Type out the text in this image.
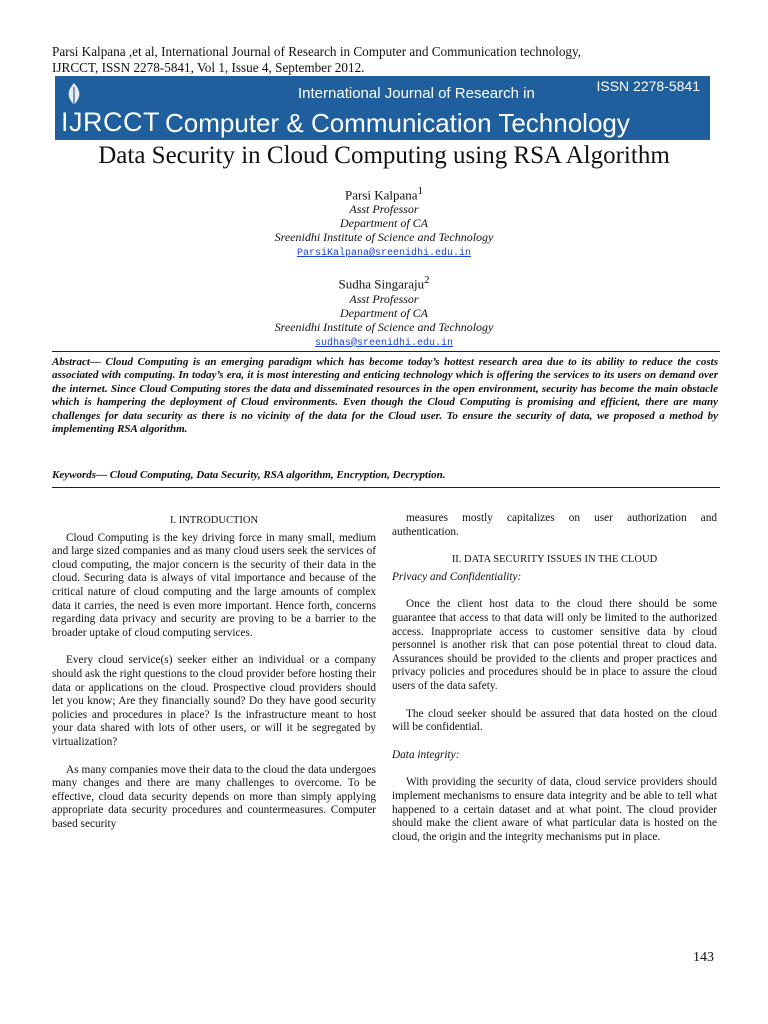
Parsi Kalpana ,et al, International Journal of Research in Computer and Communication technology,
IJRCCT, ISSN 2278-5841, Vol 1, Issue 4, September 2012.
ISSN 2278-5841
International Journal of Research in
IJRCCT Computer & Communication Technology
Data Security in Cloud Computing using RSA Algorithm
Parsi Kalpana$^1$
Asst Professor
Department of CA
Sreenidhi Institute of Science and Technology
ParsiKalpana@sreenidhi.edu.in
Sudha Singaraju$^2$
Asst Professor
Department of CA
Sreenidhi Institute of Science and Technology
sudhas@sreenidhi.edu.in
Abstract— Cloud Computing is an emerging paradigm which has become today’s hottest research area due to its ability to reduce the costs associated with computing. In today’s era, it is most interesting and enticing technology which is offering the services to its users on demand over the internet. Since Cloud Computing stores the data and disseminated resources in the open environment, security has become the main obstacle which is hampering the deployment of Cloud environments. Even though the Cloud Computing is promising and efficient, there are many challenges for data security as there is no vicinity of the data for the Cloud user. To ensure the security of data, we proposed a method by implementing RSA algorithm.
Keywords— Cloud Computing, Data Security, RSA algorithm, Encryption, Decryption.
I. INTRODUCTION

Cloud Computing is the key driving force in many small, medium and large sized companies and as many cloud users seek the services of cloud computing, the major concern is the security of their data in the cloud. Securing data is always of vital importance and because of the critical nature of cloud computing and the large amounts of complex data it carries, the need is even more important. Hence forth, concerns regarding data privacy and security are proving to be a barrier to the broader uptake of cloud computing services.

Every cloud service(s) seeker either an individual or a company should ask the right questions to the cloud provider before hosting their data or applications on the cloud. Prospective cloud providers should let you know; Are they financially sound? Do they have good security policies and procedures in place? Is the infrastructure meant to host your data shared with lots of other users, or will it be segregated by virtualization?

As many companies move their data to the cloud the data undergoes many changes and there are many challenges to overcome. To be effective, cloud data security depends on more than simply applying appropriate data security procedures and countermeasures. Computer based security

measures mostly capitalizes on user authorization and authentication.

II. DATA SECURITY ISSUES IN THE CLOUD
Privacy and Confidentiality:

Once the client host data to the cloud there should be some guarantee that access to that data will only be limited to the authorized access. Inappropriate access to customer sensitive data by cloud personnel is another risk that can pose potential threat to cloud data. Assurances should be provided to the clients and proper practices and privacy policies and procedures should be in place to assure the cloud users of the data safety.

The cloud seeker should be assured that data hosted on the cloud will be confidential.

Data integrity:

With providing the security of data, cloud service providers should implement mechanisms to ensure data integrity and be able to tell what happened to a certain dataset and at what point. The cloud provider should make the client aware of what particular data is hosted on the cloud, the origin and the integrity mechanisms put in place.

143
